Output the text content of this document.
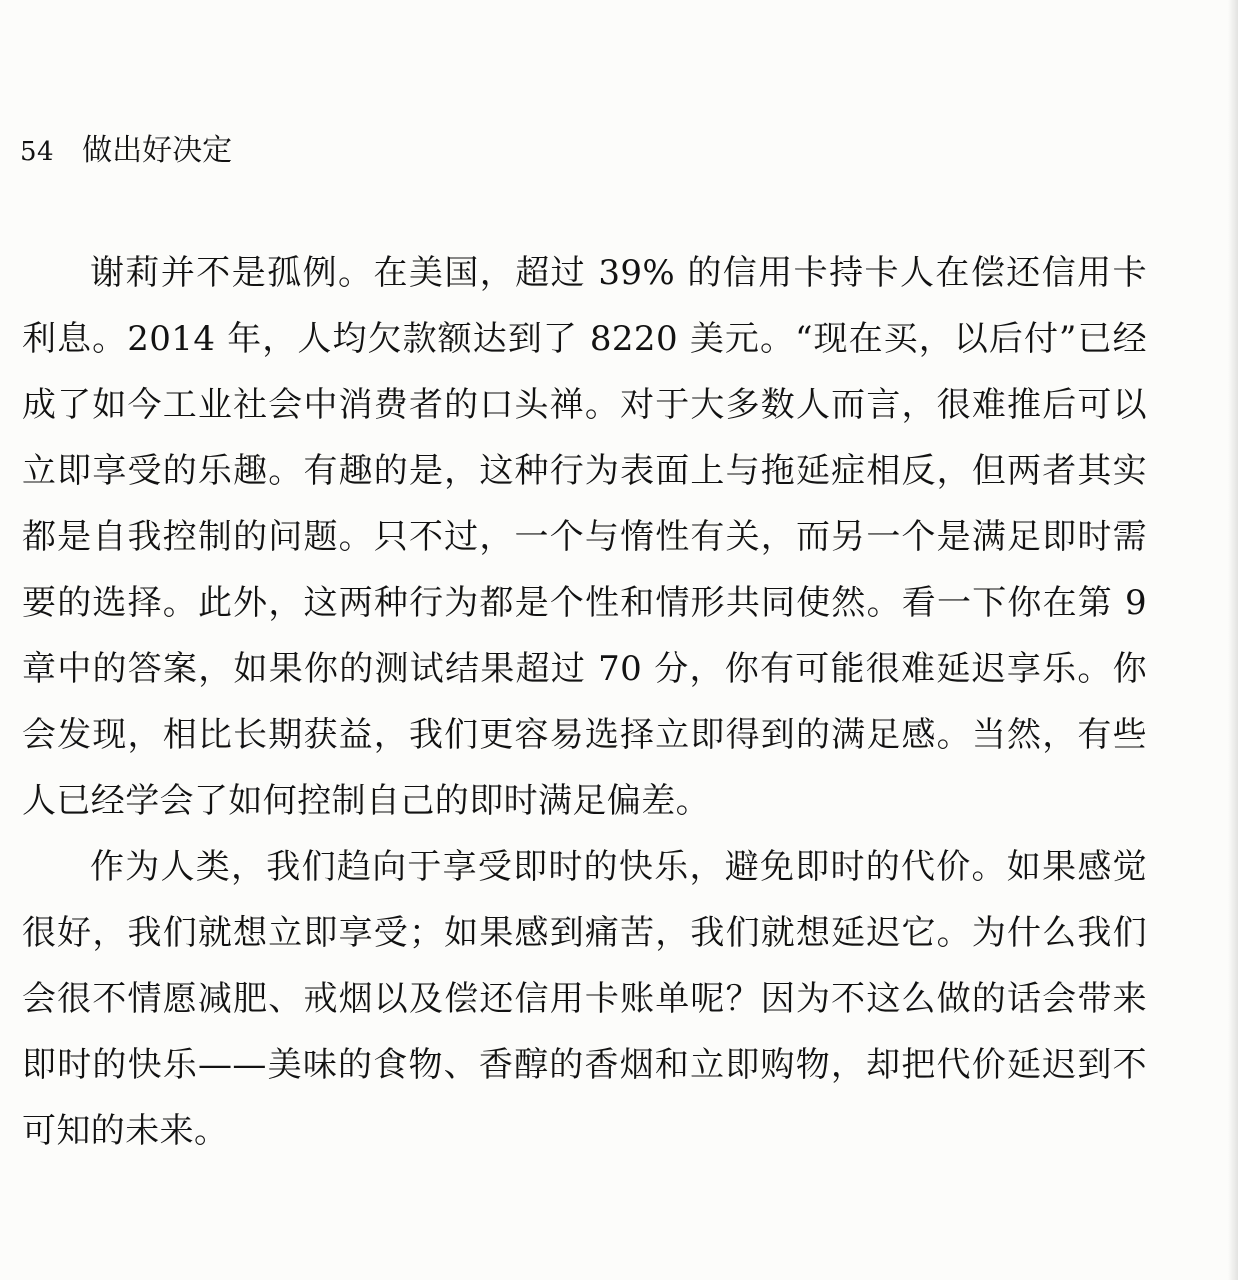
54 做出好决定

谢莉并不是孤例。在美国，超过 39% 的信用卡持卡人在偿还信用卡利息。2014 年，人均欠款额达到了 8220 美元。“现在买，以后付”已经成了如今工业社会中消费者的口头禅。对于大多数人而言，很难推后可以立即享受的乐趣。有趣的是，这种行为表面上与拖延症相反，但两者其实都是自我控制的问题。只不过，一个与惰性有关，而另一个是满足即时需要的选择。此外，这两种行为都是个性和情形共同使然。看一下你在第 9 章中的答案，如果你的测试结果超过 70 分，你有可能很难延迟享乐。你会发现，相比长期获益，我们更容易选择立即得到的满足感。当然，有些人已经学会了如何控制自己的即时满足偏差。

作为人类，我们趋向于享受即时的快乐，避免即时的代价。如果感觉很好，我们就想立即享受；如果感到痛苦，我们就想延迟它。为什么我们会很不情愿减肥、戒烟以及偿还信用卡账单呢？因为不这么做的话会带来即时的快乐——美味的食物、香醇的香烟和立即购物，却把代价延迟到不可知的未来。
